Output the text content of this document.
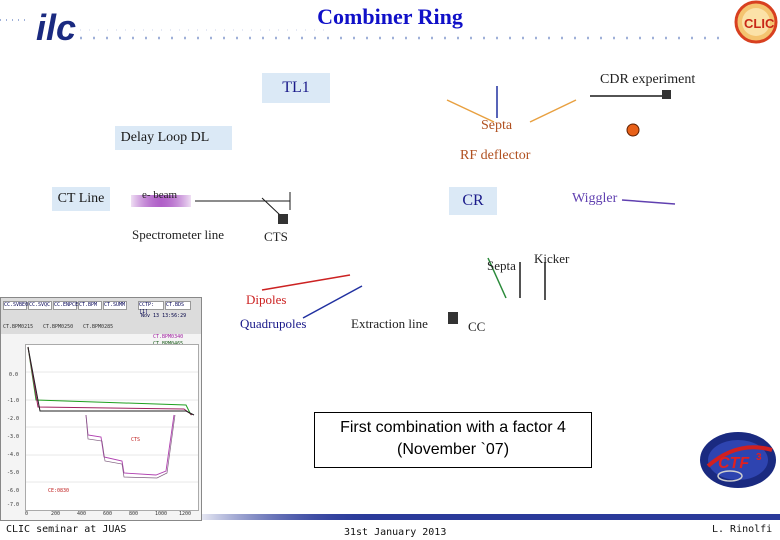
ilc	Combiner Ring	CLIC
CDR experiment
TL1
Septa
Delay Loop DL
RF deflector
CT Line	e- beam	CR	Wiggler
Spectrometer line	CTS
Septa Kicker
Dipoles
Quadrupoles	Extraction line	CC
CC.SVBE0 CC.SVQC CC.ENPCE CT.BPM	CT.SUMM	CCTP:[1]
CT.BDS
Nov 13 13:56:29
CT.BPM0215 CT.BPM0250 CT.BPM0285
CT.BPM0340
0.0
-1.0
-2.0
-3.0
-4.0
-5.0
-6.0
-7.0
CTS
CE:0830
0	200	400	600	800	1000 1200
First combination with a factor 4
(November `07)
CTF 3
CLIC seminar at JUAS	31st January 2013	L. Rinolfi
